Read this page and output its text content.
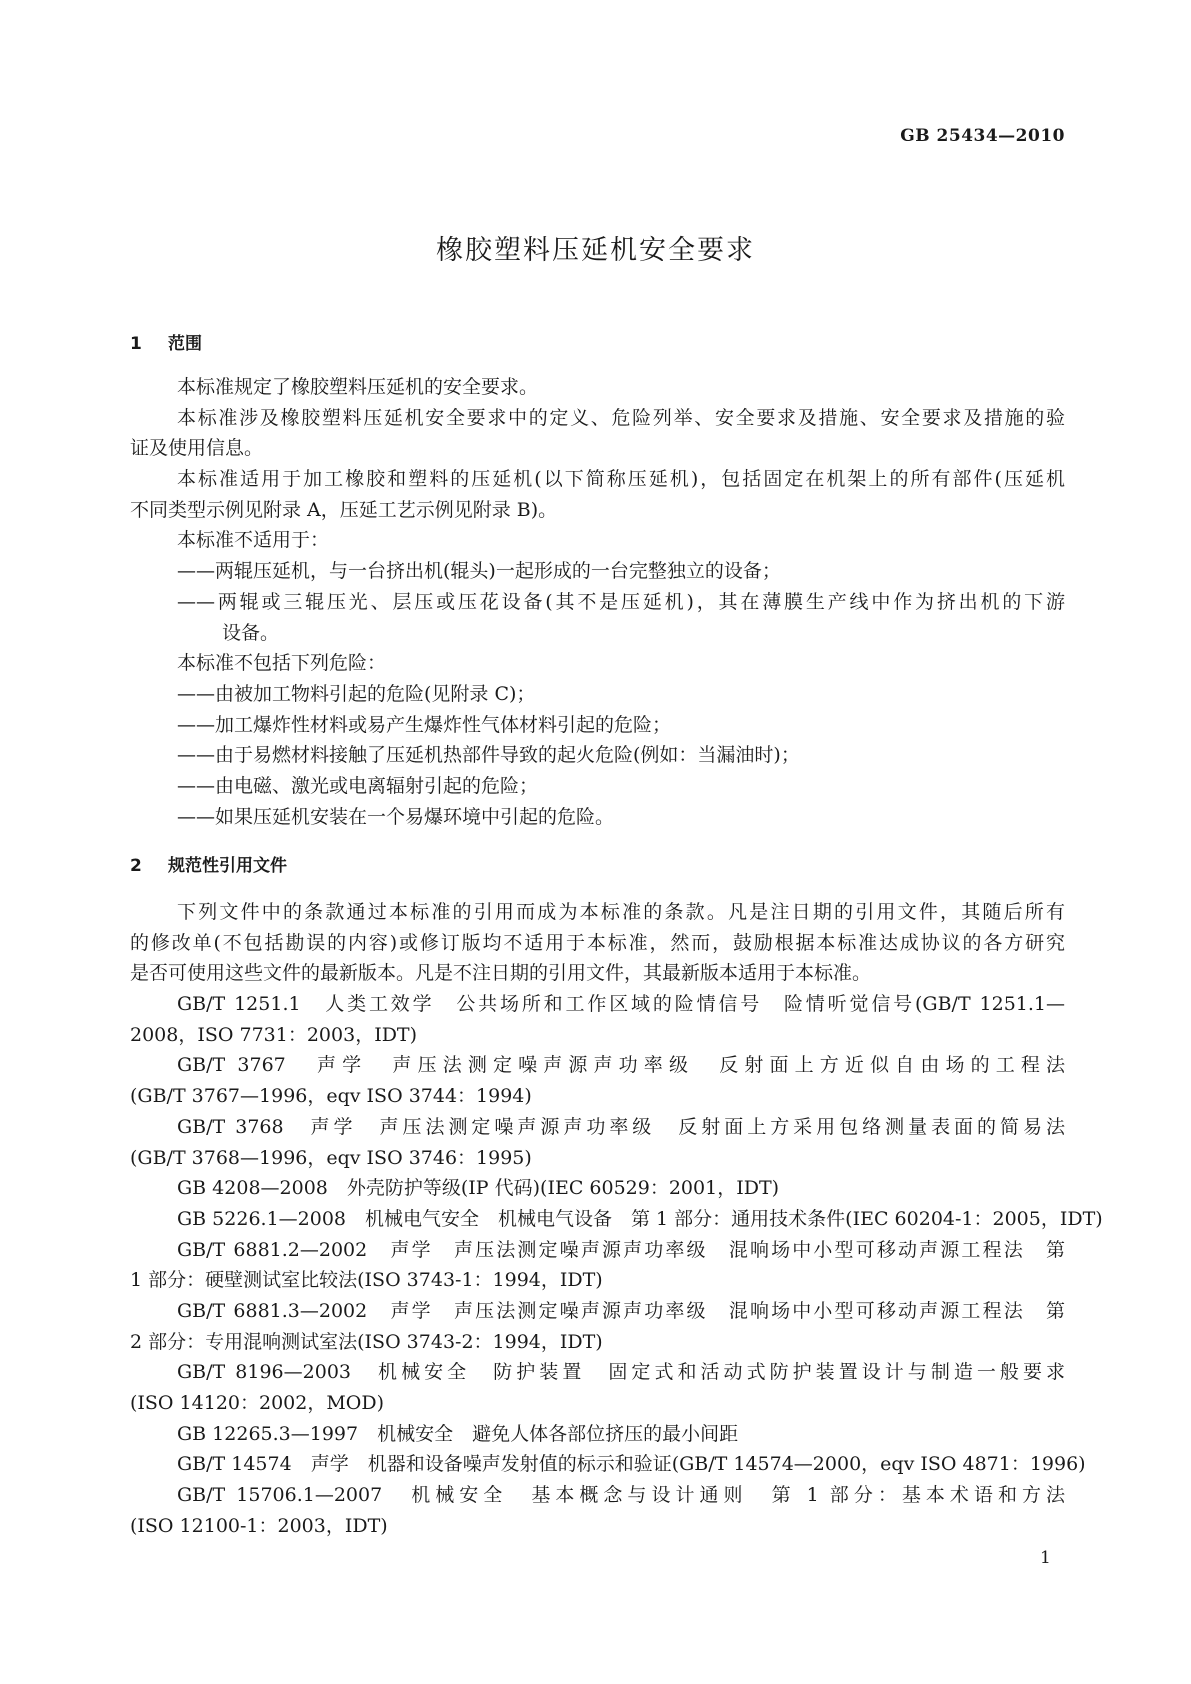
GB 25434—2010
橡胶塑料压延机安全要求
1 范围
本标准规定了橡胶塑料压延机的安全要求。
本标准涉及橡胶塑料压延机安全要求中的定义、危险列举、安全要求及措施、安全要求及措施的验
证及使用信息。
本标准适用于加工橡胶和塑料的压延机(以下简称压延机)，包括固定在机架上的所有部件(压延机
不同类型示例见附录 A，压延工艺示例见附录 B)。
本标准不适用于：
——两辊压延机，与一台挤出机(辊头)一起形成的一台完整独立的设备；
——两辊或三辊压光、层压或压花设备(其不是压延机)，其在薄膜生产线中作为挤出机的下游
设备。
本标准不包括下列危险：
——由被加工物料引起的危险(见附录 C)；
——加工爆炸性材料或易产生爆炸性气体材料引起的危险；
——由于易燃材料接触了压延机热部件导致的起火危险(例如：当漏油时)；
——由电磁、激光或电离辐射引起的危险；
——如果压延机安装在一个易爆环境中引起的危险。
2 规范性引用文件
下列文件中的条款通过本标准的引用而成为本标准的条款。凡是注日期的引用文件，其随后所有
的修改单(不包括勘误的内容)或修订版均不适用于本标准，然而，鼓励根据本标准达成协议的各方研究
是否可使用这些文件的最新版本。凡是不注日期的引用文件，其最新版本适用于本标准。
GB/T 1251.1　人类工效学　公共场所和工作区域的险情信号　险情听觉信号(GB/T 1251.1—
2008，ISO 7731：2003，IDT)
GB/T 3767　声学　声压法测定噪声源声功率级　反射面上方近似自由场的工程法
(GB/T 3767—1996，eqv ISO 3744：1994)
GB/T 3768　声学　声压法测定噪声源声功率级　反射面上方采用包络测量表面的简易法
(GB/T 3768—1996，eqv ISO 3746：1995)
GB 4208—2008　外壳防护等级(IP 代码)(IEC 60529：2001，IDT)
GB 5226.1—2008　机械电气安全　机械电气设备　第 1 部分：通用技术条件(IEC 60204-1：2005，IDT)
GB/T 6881.2—2002　声学　声压法测定噪声源声功率级　混响场中小型可移动声源工程法　第
1 部分：硬壁测试室比较法(ISO 3743-1：1994，IDT)
GB/T 6881.3—2002　声学　声压法测定噪声源声功率级　混响场中小型可移动声源工程法　第
2 部分：专用混响测试室法(ISO 3743-2：1994，IDT)
GB/T 8196—2003　机械安全　防护装置　固定式和活动式防护装置设计与制造一般要求
(ISO 14120：2002，MOD)
GB 12265.3—1997　机械安全　避免人体各部位挤压的最小间距
GB/T 14574　声学　机器和设备噪声发射值的标示和验证(GB/T 14574—2000，eqv ISO 4871：1996)
GB/T 15706.1—2007　机械安全　基本概念与设计通则　第 1 部分：基本术语和方法
(ISO 12100-1：2003，IDT)
1
